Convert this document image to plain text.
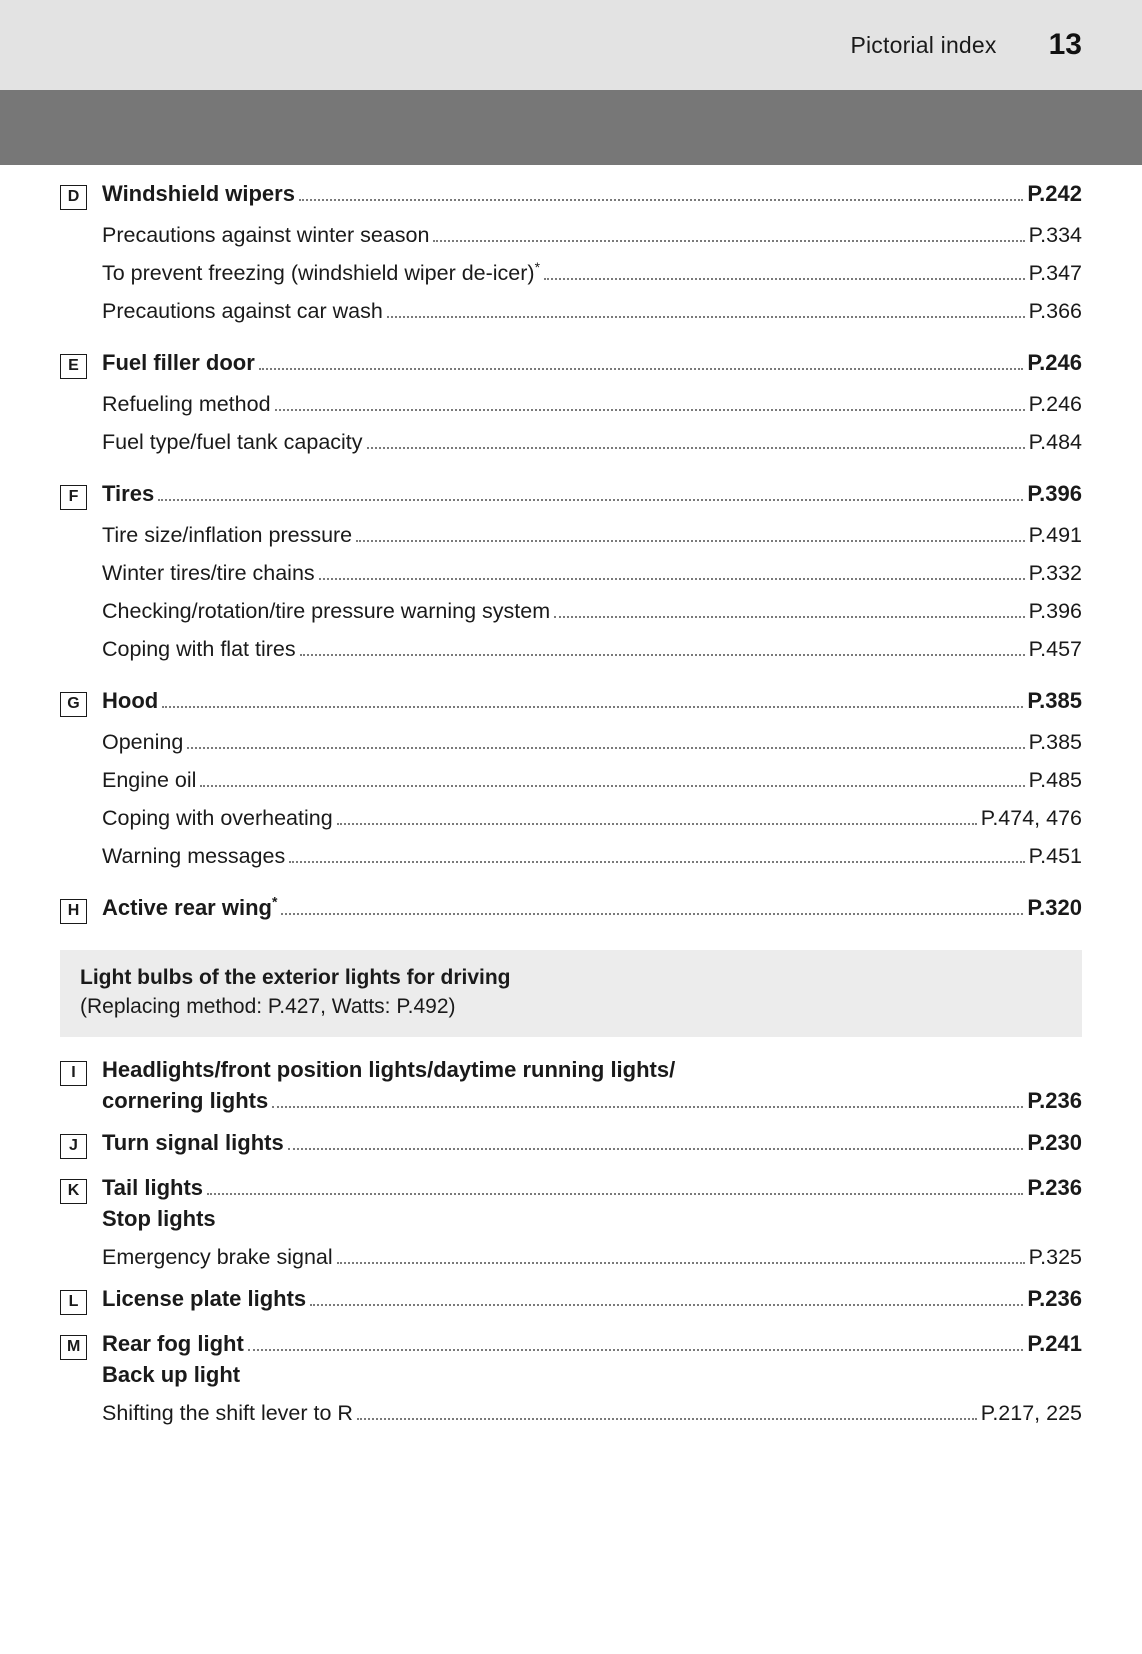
Pictorial index 13
D	Windshield wipers	P.242
Precautions against winter season	P.334
To prevent freezing (windshield wiper de-icer)*	P.347
Precautions against car wash	P.366
E	Fuel filler door	P.246
Refueling method	P.246
Fuel type/fuel tank capacity	P.484
F	Tires	P.396
Tire size/inflation pressure	P.491
Winter tires/tire chains	P.332
Checking/rotation/tire pressure warning system	P.396
Coping with flat tires	P.457
G	Hood	P.385
Opening	P.385
Engine oil	P.485
Coping with overheating	P.474, 476
Warning messages	P.451
H	Active rear wing*	P.320
Light bulbs of the exterior lights for driving
(Replacing method: P.427, Watts: P.492)
I	Headlights/front position lights/daytime running lights/
cornering lights	P.236
J	Turn signal lights	P.230
K	Tail lights	P.236
Stop lights
Emergency brake signal	P.325
L	License plate lights	P.236
M Rear fog light	P.241
Back up light
Shifting the shift lever to R	P.217, 225
